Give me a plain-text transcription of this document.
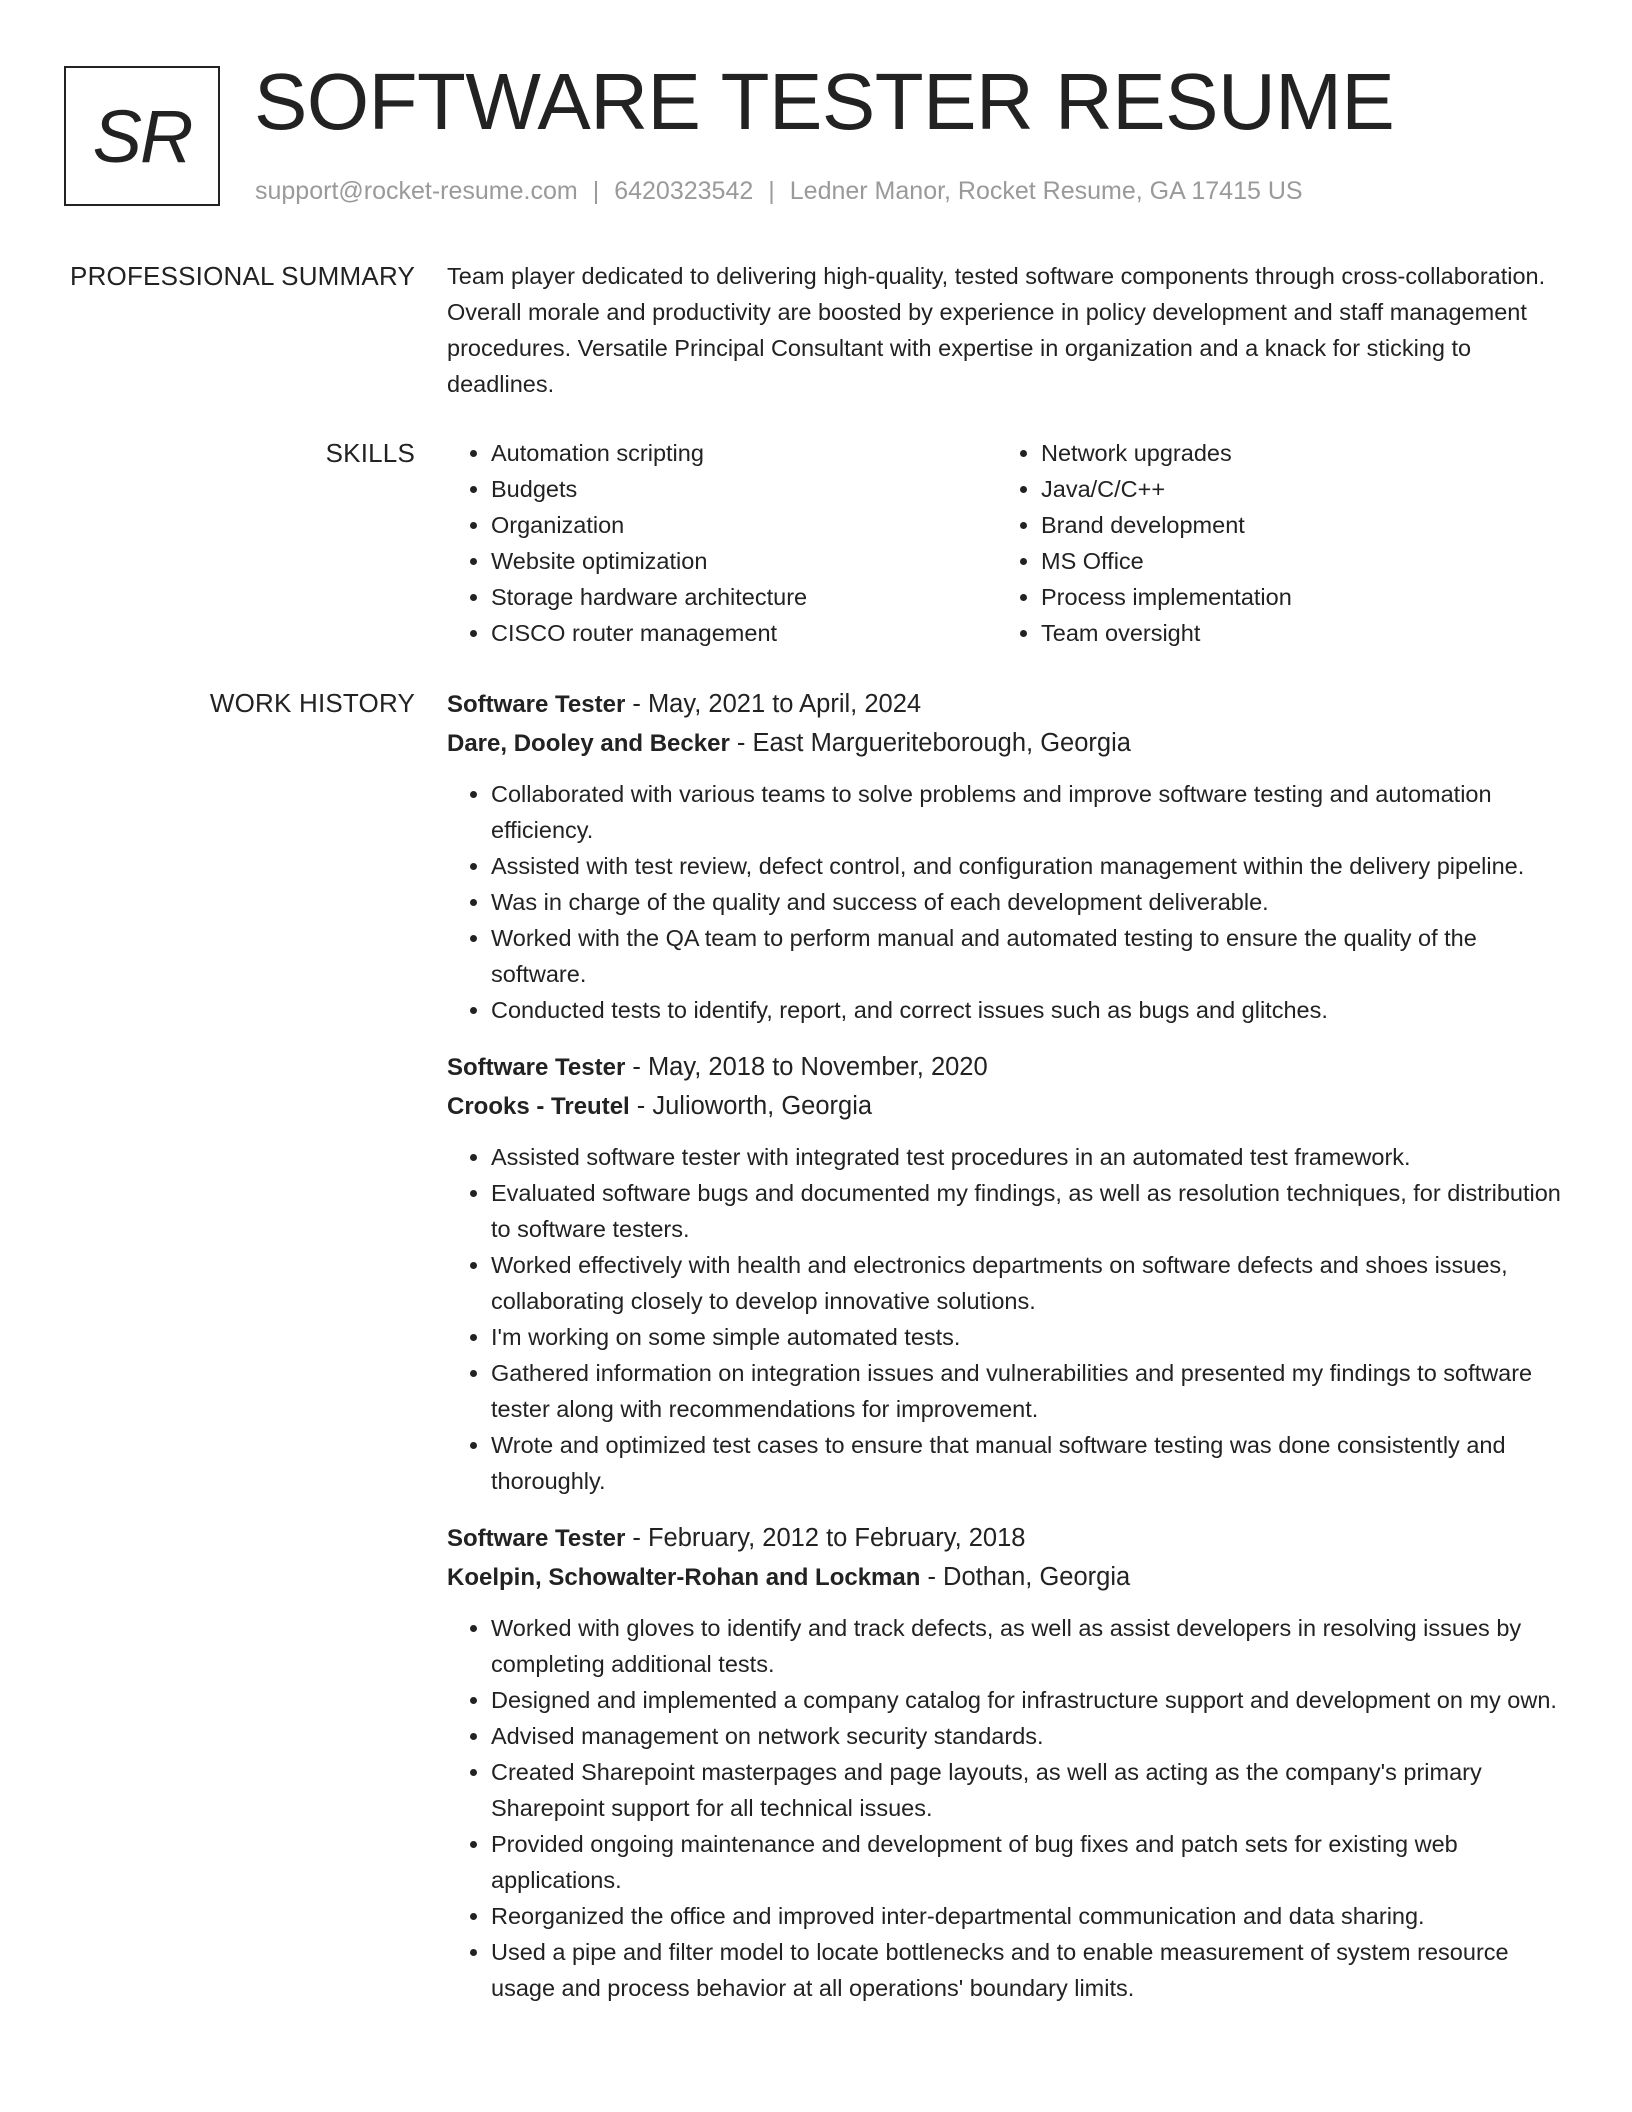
SR SOFTWARE TESTER RESUME
support@rocket-resume.com | 6420323542 | Ledner Manor, Rocket Resume, GA 17415 US
PROFESSIONAL SUMMARY Team player dedicated to delivering high-quality, tested software components through cross-collaboration. Overall morale and productivity are boosted by experience in policy development and staff management procedures. Versatile Principal Consultant with expertise in organization and a knack for sticking to deadlines.

SKILLS
•	Automation scripting
• Budgets
• Organization
• Website optimization
• Storage hardware architecture
• CISCO router management
• Network upgrades
• Java/C/C++
• Brand development
• MS Office
• Process implementation
• Team oversight
WORK HISTORY Software Tester - May, 2021 to April, 2024
Dare, Dooley and Becker - East Margueriteborough, Georgia
• Collaborated with various teams to solve problems and improve software testing and automation efficiency.
• Assisted with test review, defect control, and configuration management within the delivery pipeline.
• Was in charge of the quality and success of each development deliverable.
• Worked with the QA team to perform manual and automated testing to ensure the quality of the software.
• Conducted tests to identify, report, and correct issues such as bugs and glitches.
Software Tester - May, 2018 to November, 2020
Crooks - Treutel - Julioworth, Georgia
• Assisted software tester with integrated test procedures in an automated test framework.
• Evaluated software bugs and documented my findings, as well as resolution techniques, for distribution to software testers.
• Worked effectively with health and electronics departments on software defects and shoes issues, collaborating closely to develop innovative solutions.
• I'm working on some simple automated tests.
• Gathered information on integration issues and vulnerabilities and presented my findings to software tester along with recommendations for improvement.
• Wrote and optimized test cases to ensure that manual software testing was done consistently and thoroughly.
Software Tester - February, 2012 to February, 2018
Koelpin, Schowalter-Rohan and Lockman - Dothan, Georgia
• Worked with gloves to identify and track defects, as well as assist developers in resolving issues by completing additional tests.
• Designed and implemented a company catalog for infrastructure support and development on my own.
• Advised management on network security standards.
• Created Sharepoint masterpages and page layouts, as well as acting as the company's primary Sharepoint support for all technical issues.
• Provided ongoing maintenance and development of bug fixes and patch sets for existing web applications.
• Reorganized the office and improved inter-departmental communication and data sharing.
• Used a pipe and filter model to locate bottlenecks and to enable measurement of system resource usage and process behavior at all operations' boundary limits.
